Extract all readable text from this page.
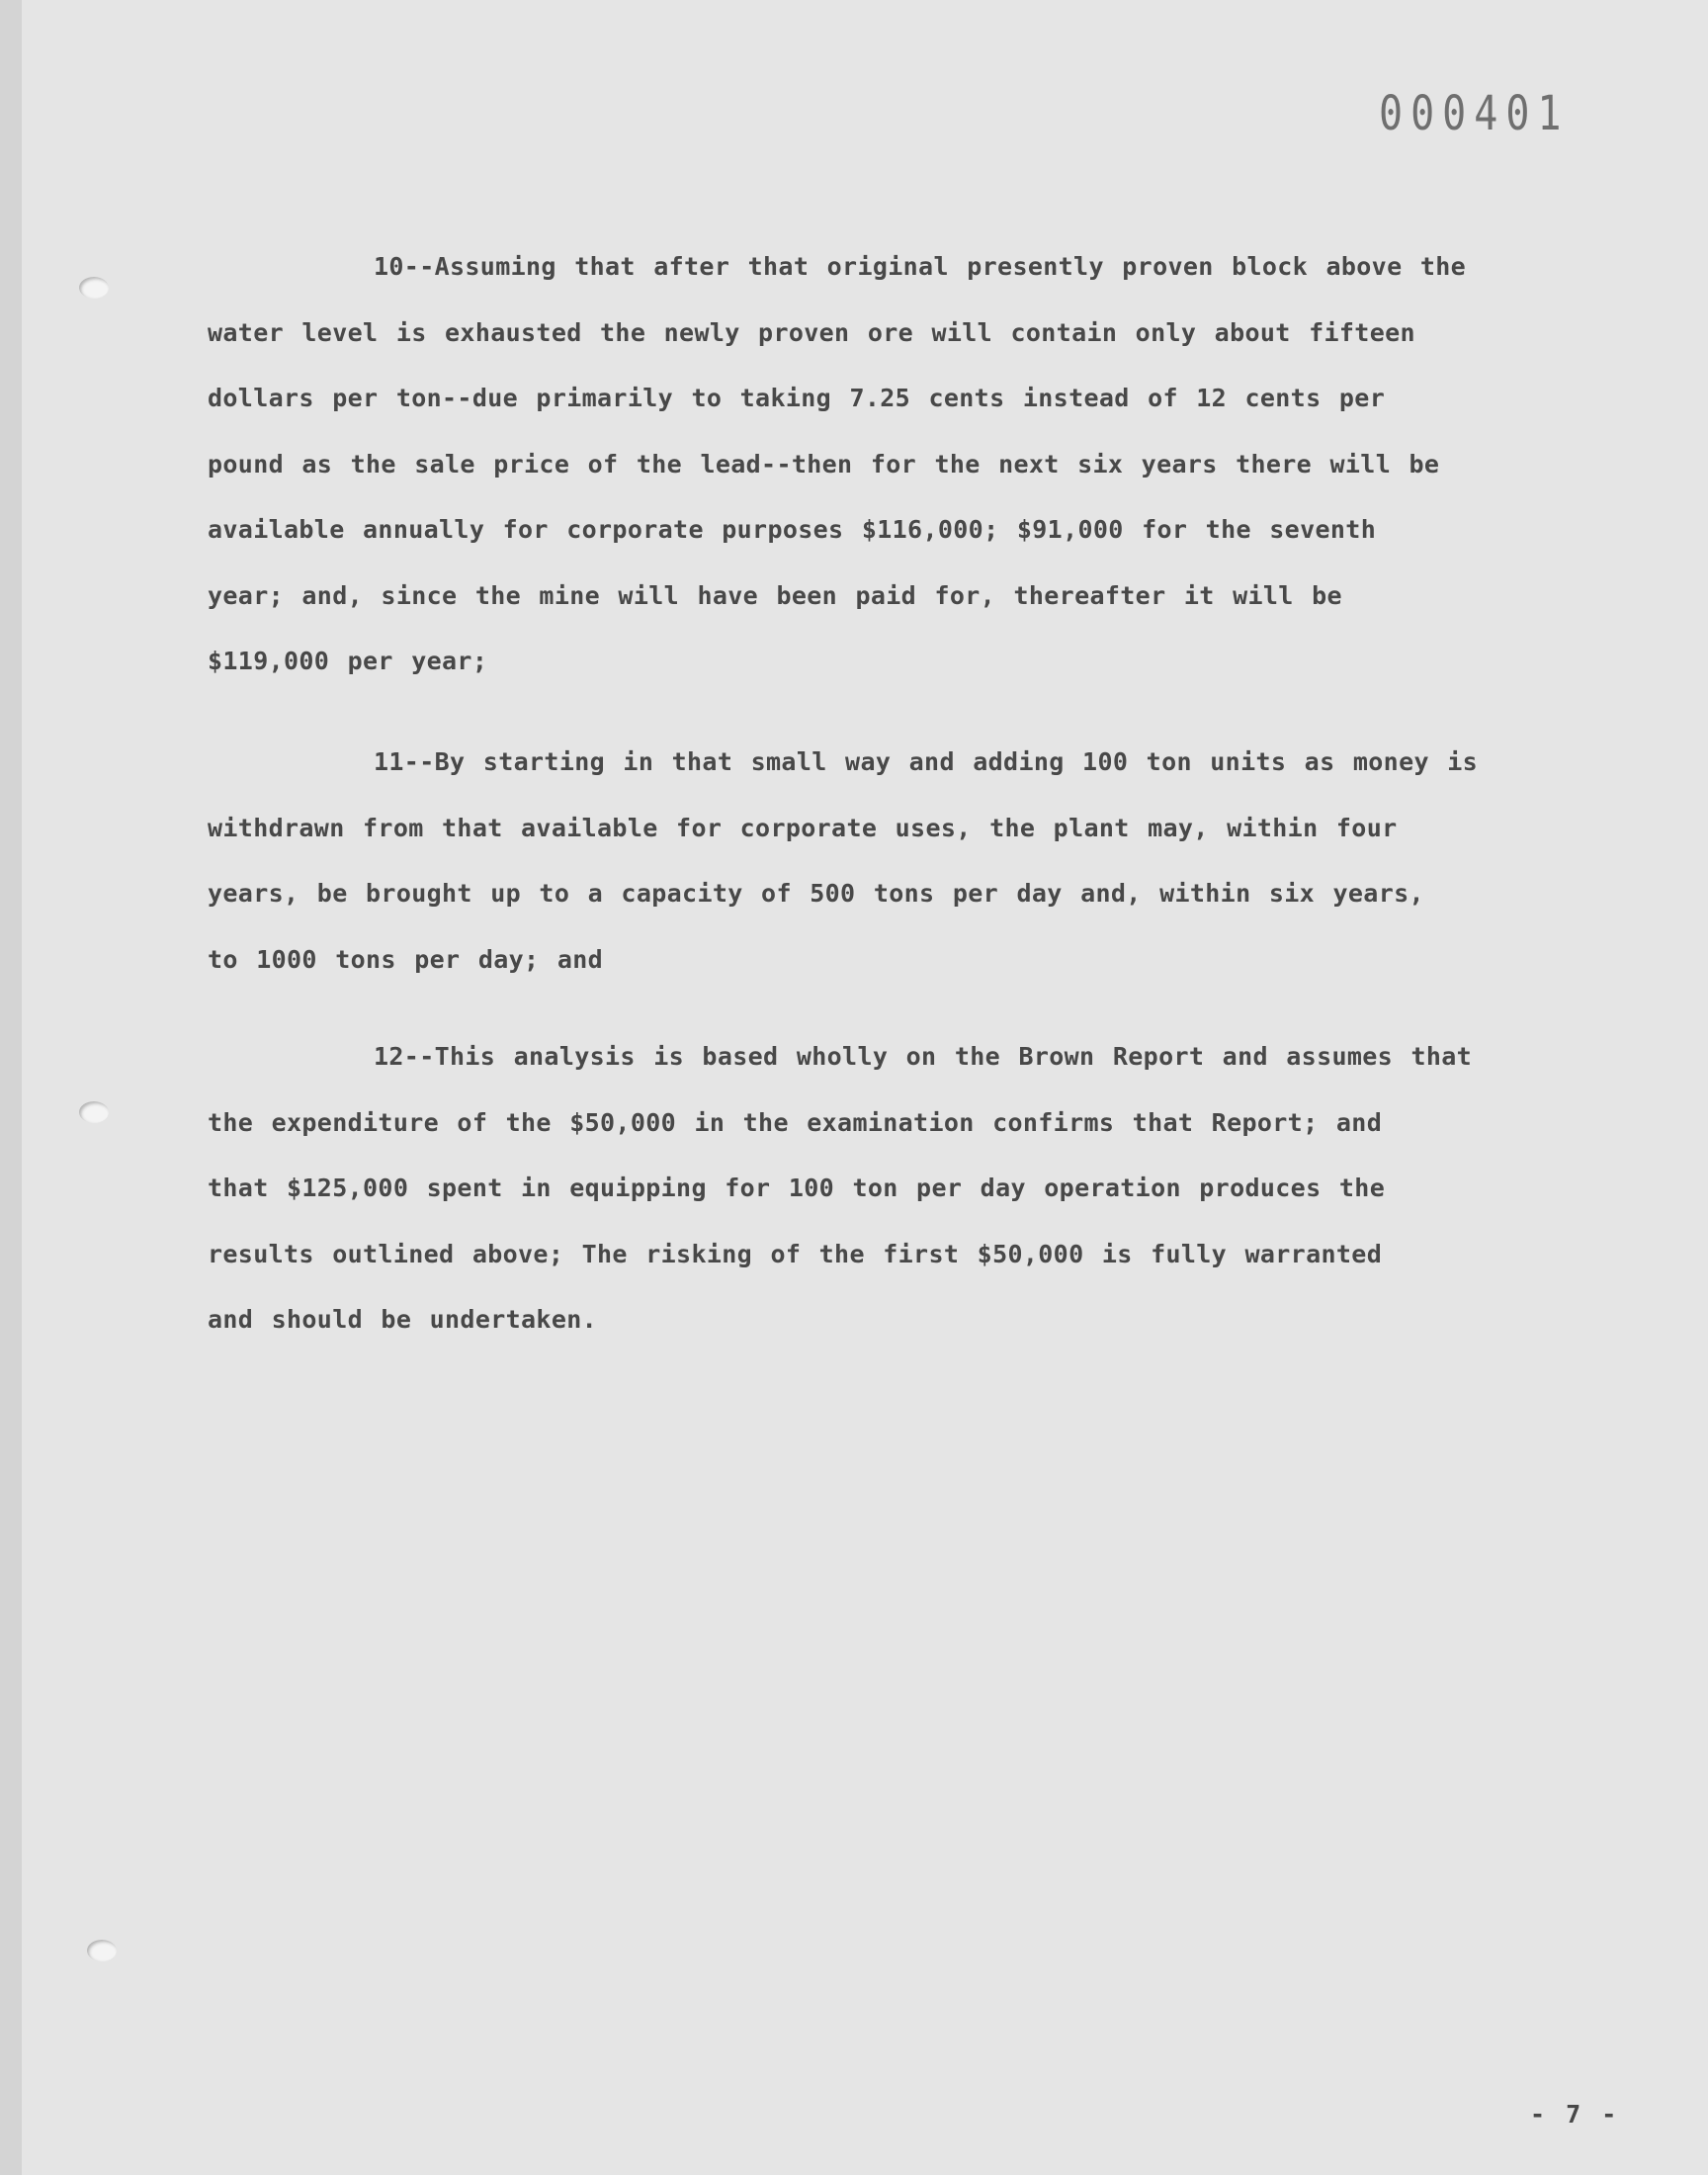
000401

10--Assuming that after that original presently proven block above the
water level is exhausted the newly proven ore will contain only about fifteen
dollars per ton--due primarily to taking 7.25 cents instead of 12 cents per
pound as the sale price of the lead--then for the next six years there will be
available annually for corporate purposes $116,000; $91,000 for the seventh
year; and, since the mine will have been paid for, thereafter it will be
$119,000 per year;

11--By starting in that small way and adding 100 ton units as money is
withdrawn from that available for corporate uses, the plant may, within four
years, be brought up to a capacity of 500 tons per day and, within six years,
to 1000 tons per day; and

12--This analysis is based wholly on the Brown Report and assumes that
the expenditure of the $50,000 in the examination confirms that Report; and
that $125,000 spent in equipping for 100 ton per day operation produces the
results outlined above; The risking of the first $50,000 is fully warranted
and should be undertaken.

- 7 -
